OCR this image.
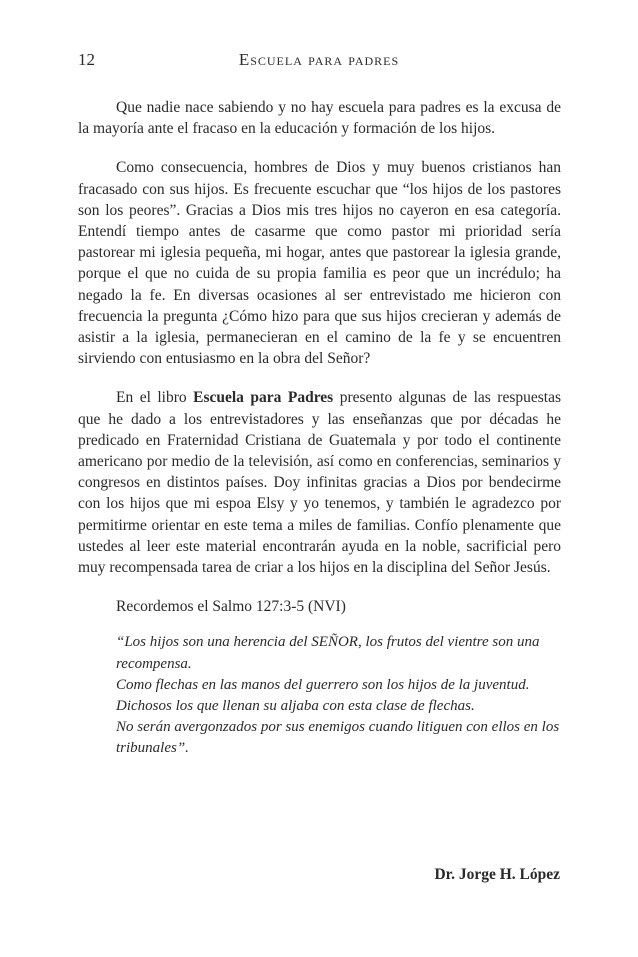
12	Escuela para padres

Que nadie nace sabiendo y no hay escuela para padres es la excusa de la mayoría ante el fracaso en la educación y formación de los hijos.

Como consecuencia, hombres de Dios y muy buenos cristianos han fracasado con sus hijos. Es frecuente escuchar que “los hijos de los pastores son los peores”. Gracias a Dios mis tres hijos no cayeron en esa categoría. Entendí tiempo antes de casarme que como pastor mi prioridad sería pastorear mi iglesia pequeña, mi hogar, antes que pastorear la iglesia grande, porque el que no cuida de su propia familia es peor que un incrédulo; ha negado la fe. En diversas ocasiones al ser entrevistado me hicieron con frecuencia la pregunta ¿Cómo hizo para que sus hijos crecieran y además de asistir a la iglesia, permanecieran en el camino de la fe y se encuentren sirviendo con entusiasmo en la obra del Señor?

En el libro Escuela para Padres presento algunas de las respuestas que he dado a los entrevistadores y las enseñanzas que por décadas he predicado en Fraternidad Cristiana de Guatemala y por todo el continente americano por medio de la televisión, así como en conferencias, seminarios y congresos en distintos países. Doy infinitas gracias a Dios por bendecirme con los hijos que mi espoa Elsy y yo tenemos, y también le agradezco por permitirme orientar en este tema a miles de familias. Confío plenamente que ustedes al leer este material encontrarán ayuda en la noble, sacrificial pero muy recompensada tarea de criar a los hijos en la disciplina del Señor Jesús.

Recordemos el Salmo 127:3-5 (NVI)

“Los hijos son una herencia del SEÑOR, los frutos del vientre son una recompensa.
Como flechas en las manos del guerrero son los hijos de la juventud.
Dichosos los que llenan su aljaba con esta clase de flechas.
No serán avergonzados por sus enemigos cuando litiguen con ellos en los tribunales”.
Dr. Jorge H. López
